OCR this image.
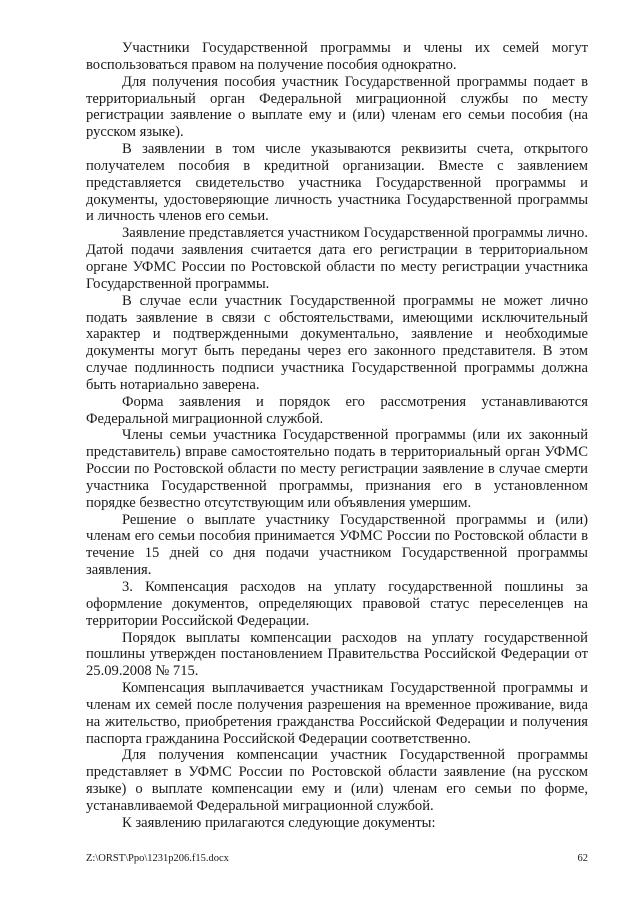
Участники Государственной программы и члены их семей могут воспользоваться правом на получение пособия однократно.

Для получения пособия участник Государственной программы подает в территориальный орган Федеральной миграционной службы по месту регистрации заявление о выплате ему и (или) членам его семьи пособия (на русском языке).

В заявлении в том числе указываются реквизиты счета, открытого получателем пособия в кредитной организации. Вместе с заявлением представляется свидетельство участника Государственной программы и документы, удостоверяющие личность участника Государственной программы и личность членов его семьи.

Заявление представляется участником Государственной программы лично. Датой подачи заявления считается дата его регистрации в территориальном органе УФМС России по Ростовской области по месту регистрации участника Государственной программы.

В случае если участник Государственной программы не может лично подать заявление в связи с обстоятельствами, имеющими исключительный характер и подтвержденными документально, заявление и необходимые документы могут быть переданы через его законного представителя. В этом случае подлинность подписи участника Государственной программы должна быть нотариально заверена.

Форма заявления и порядок его рассмотрения устанавливаются Федеральной миграционной службой.

Члены семьи участника Государственной программы (или их законный представитель) вправе самостоятельно подать в территориальный орган УФМС России по Ростовской области по месту регистрации заявление в случае смерти участника Государственной программы, признания его в установленном порядке безвестно отсутствующим или объявления умершим.

Решение о выплате участнику Государственной программы и (или) членам его семьи пособия принимается УФМС России по Ростовской области в течение 15 дней со дня подачи участником Государственной программы заявления.

3. Компенсация расходов на уплату государственной пошлины за оформление документов, определяющих правовой статус переселенцев на территории Российской Федерации.

Порядок выплаты компенсации расходов на уплату государственной пошлины утвержден постановлением Правительства Российской Федерации от 25.09.2008 № 715.

Компенсация выплачивается участникам Государственной программы и членам их семей после получения разрешения на временное проживание, вида на жительство, приобретения гражданства Российской Федерации и получения паспорта гражданина Российской Федерации соответственно.

Для получения компенсации участник Государственной программы представляет в УФМС России по Ростовской области заявление (на русском языке) о выплате компенсации ему и (или) членам его семьи по форме, устанавливаемой Федеральной миграционной службой.

К заявлению прилагаются следующие документы:

Z:\ORST\Ppo\1231p206.f15.docx	62
